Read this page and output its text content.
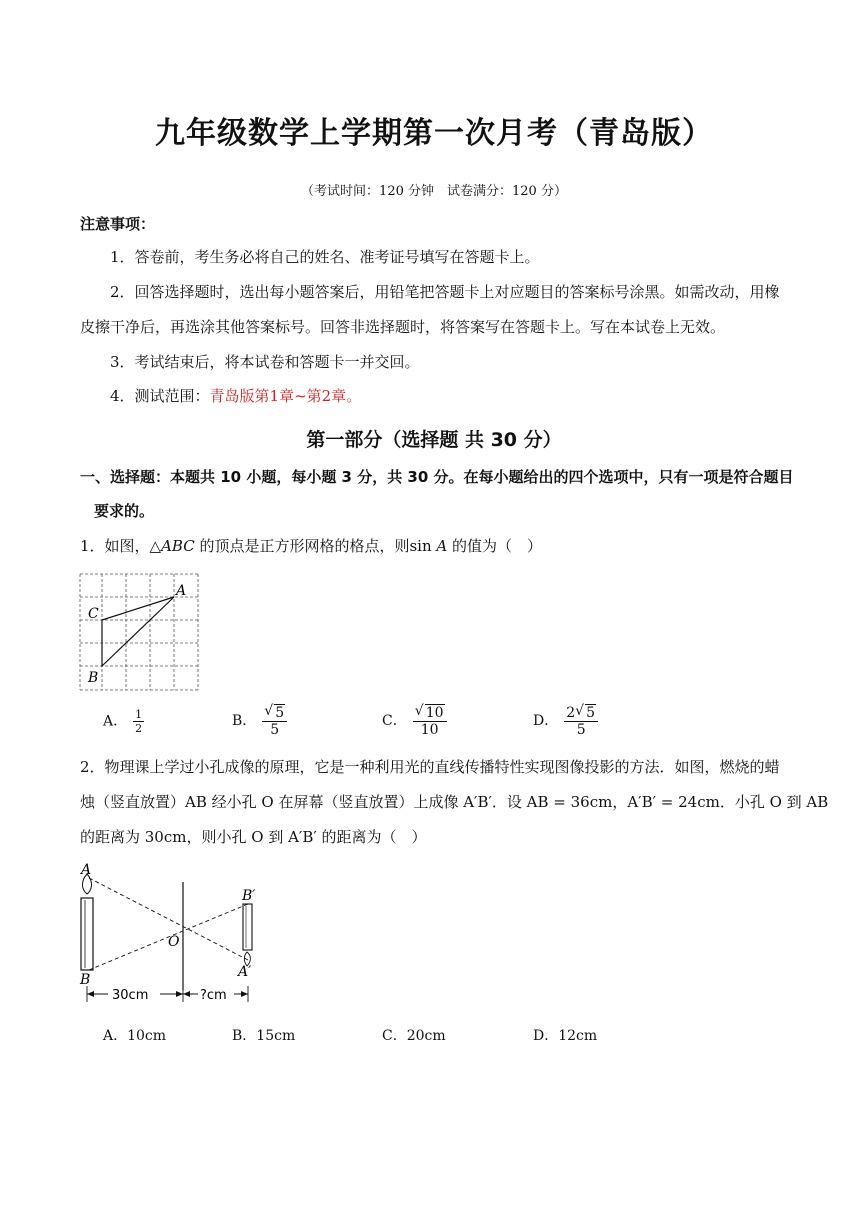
九年级数学上学期第一次月考（青岛版）
（考试时间：120 分钟　试卷满分：120 分）
注意事项：
1．答卷前，考生务必将自己的姓名、准考证号填写在答题卡上。
2．回答选择题时，选出每小题答案后，用铅笔把答题卡上对应题目的答案标号涂黑。如需改动，用橡
皮擦干净后，再选涂其他答案标号。回答非选择题时，将答案写在答题卡上。写在本试卷上无效。
3．考试结束后，将本试卷和答题卡一并交回。
4．测试范围：青岛版第1章~第2章。
第一部分（选择题 共 30 分）
一、选择题：本题共 10 小题，每小题 3 分，共 30 分。在每小题给出的四个选项中，只有一项是符合题目
要求的。
1．如图，△ABC 的顶点是正方形网格的格点，则sin A 的值为（　）
A
C
B
A． $\frac{1}{2}$	B． $\frac{√ 5}{5}$	C． $\frac{√ 10}{10}$	D． $\frac{2 √ 5}{5}$
2．物理课上学过小孔成像的原理，它是一种利用光的直线传播特性实现图像投影的方法．如图，燃烧的蜡
烛（竖直放置）AB 经小孔 O 在屏幕（竖直放置）上成像 A′B′．设 AB = 36cm，A′B′ = 24cm．小孔 O 到 AB
的距离为 30cm，则小孔 O 到 A′B′ 的距离为（　）
30cm	?cm
A
B
O
B′
A′
A．10cm	B．15cm	C．20cm	D．12cm
